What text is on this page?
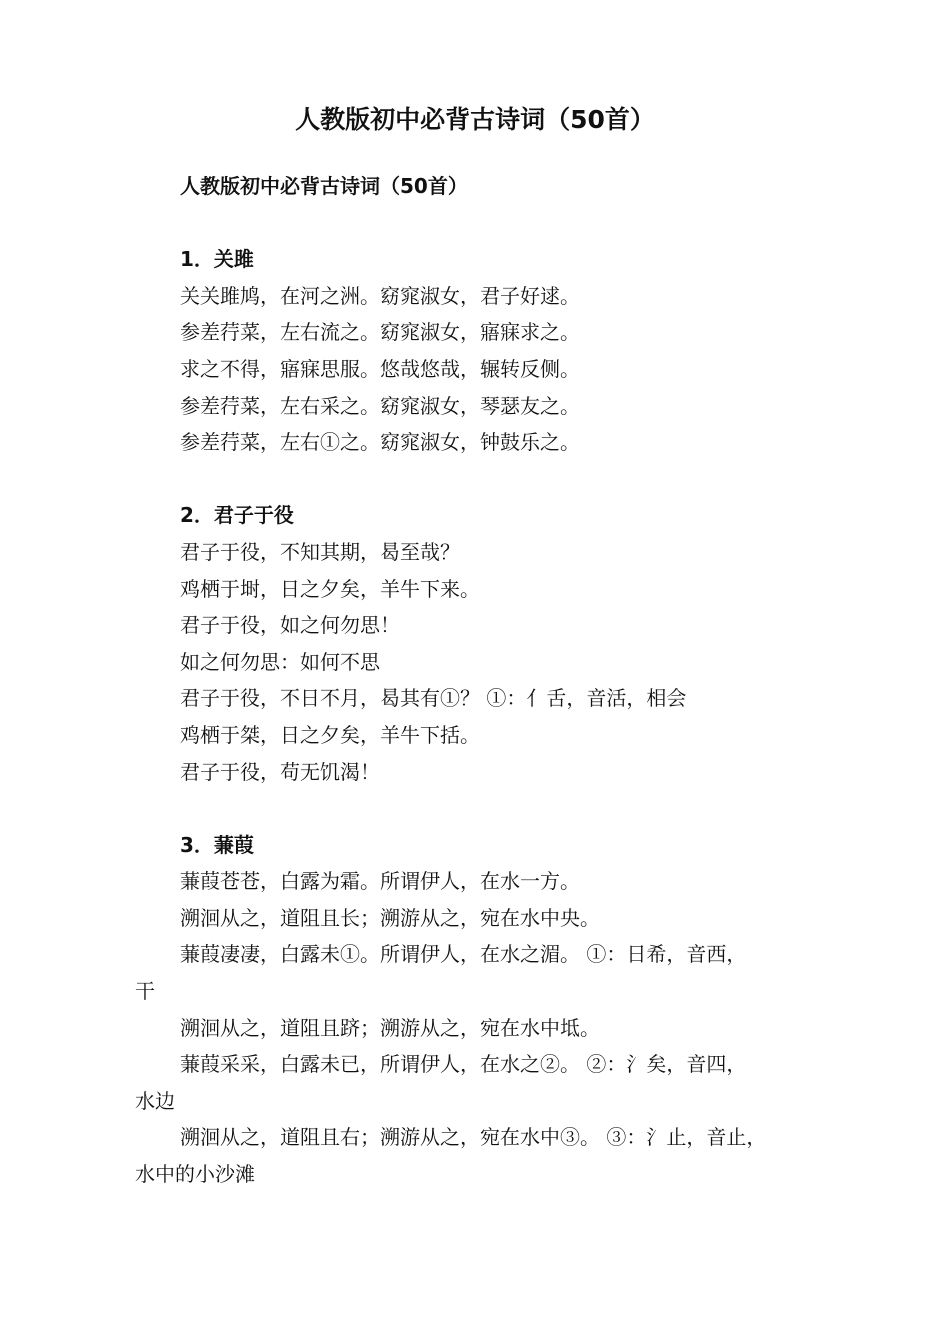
人教版初中必背古诗词（50首）
人教版初中必背古诗词（50首）
1．关雎
关关雎鸠，在河之洲。窈窕淑女，君子好逑。
参差荇菜，左右流之。窈窕淑女，寤寐求之。
求之不得，寤寐思服。悠哉悠哉，辗转反侧。
参差荇菜，左右采之。窈窕淑女，琴瑟友之。
参差荇菜，左右①之。窈窕淑女，钟鼓乐之。
2．君子于役
君子于役，不知其期，曷至哉？
鸡栖于埘，日之夕矣，羊牛下来。
君子于役，如之何勿思！
如之何勿思：如何不思
君子于役，不日不月，曷其有①？ ①：亻舌，音活，相会
鸡栖于桀，日之夕矣，羊牛下括。
君子于役，苟无饥渴！
3．蒹葭
蒹葭苍苍，白露为霜。所谓伊人，在水一方。
溯洄从之，道阻且长；溯游从之，宛在水中央。
蒹葭凄凄，白露未①。所谓伊人，在水之湄。 ①：日希，音西，
干
溯洄从之，道阻且跻；溯游从之，宛在水中坻。
蒹葭采采，白露未已，所谓伊人，在水之②。 ②：氵矣，音四，
水边
溯洄从之，道阻且右；溯游从之，宛在水中③。 ③：氵止，音止，
水中的小沙滩
